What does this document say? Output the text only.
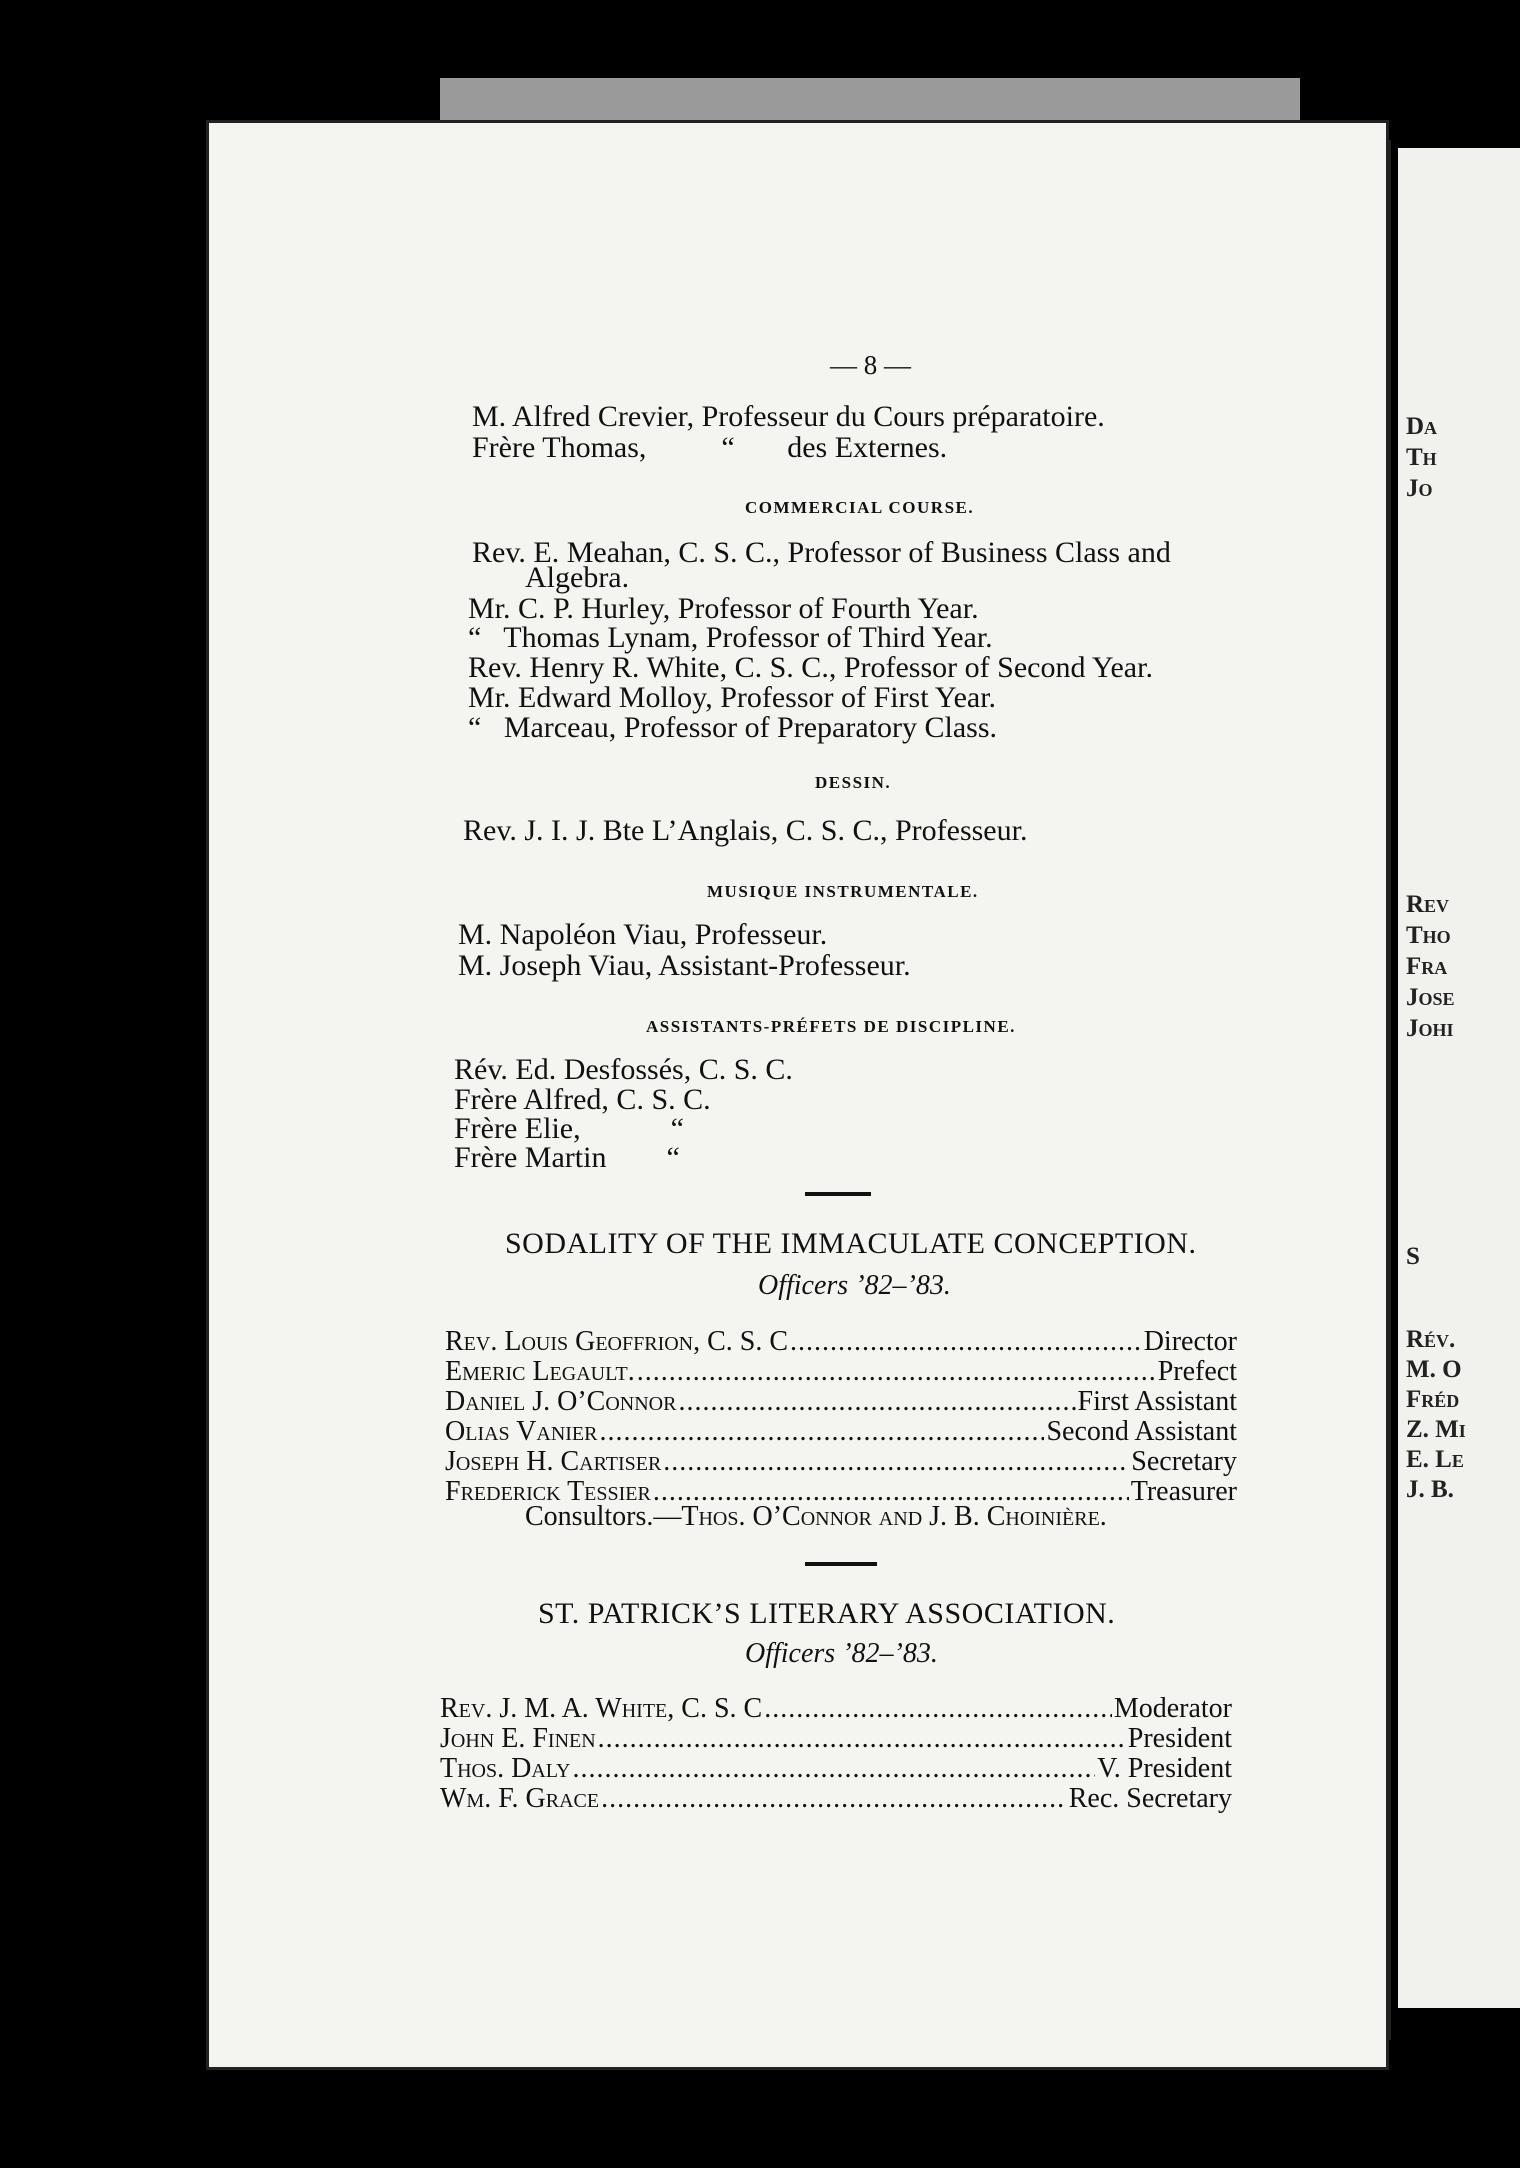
Da
Th
Jo
Rev
Tho
Fra
Jose
Johi
S
Rév.
M. O
Fréd
Z. Mi
E. Le
J. B.
— 8 —
M. Alfred Crevier, Professeur du Cours préparatoire.
Frère Thomas,          “       des Externes.
COMMERCIAL COURSE.
Rev. E. Meahan, C. S. C., Professor of Business Class and
Algebra.
Mr. C. P. Hurley, Professor of Fourth Year.
“   Thomas Lynam, Professor of Third Year.
Rev. Henry R. White, C. S. C., Professor of Second Year.
Mr. Edward Molloy, Professor of First Year.
“   Marceau, Professor of Preparatory Class.
DESSIN.
Rev. J. I. J. Bte L’Anglais, C. S. C., Professeur.
MUSIQUE INSTRUMENTALE.
M. Napoléon Viau, Professeur.
M. Joseph Viau, Assistant-Professeur.
ASSISTANTS-PRÉFETS DE DISCIPLINE.
Rév. Ed. Desfossés, C. S. C.
Frère Alfred, C. S. C.
Frère Elie,            “
Frère Martin        “
SODALITY OF THE IMMACULATE CONCEPTION.
Officers ’82–’83.
Rev. Louis Geoffrion, C. S. C .....	Director
Emeric Legault. .....	Prefect
Daniel J. O’Connor .....	First Assistant
Olias Vanier .....	Second Assistant
Joseph H. Cartiser .....	Secretary
Frederick Tessier .....	Treasurer
Consultors.—Thos. O’Connor and J. B. Choinière.
ST. PATRICK’S LITERARY ASSOCIATION.
Officers ’82–’83.
Rev. J. M. A. White, C. S. C .....	Moderator
John E. Finen .....	President
Thos. Daly .....	V. President
Wm. F. Grace .....	Rec. Secretary
